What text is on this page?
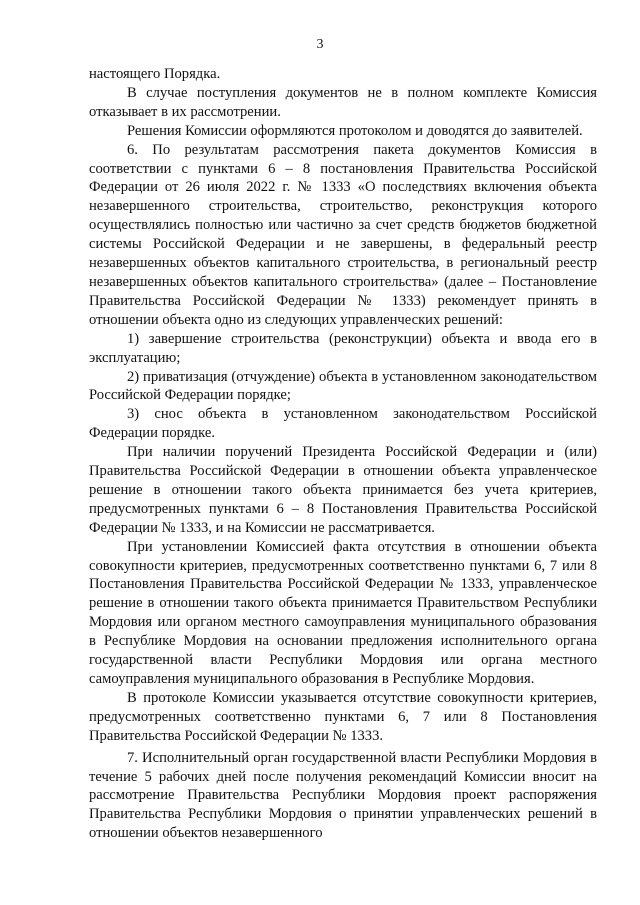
3

настоящего Порядка.

В случае поступления документов не в полном комплекте Комиссия отказывает в их рассмотрении.

Решения Комиссии оформляются протоколом и доводятся до заявителей.

6. По результатам рассмотрения пакета документов Комиссия в соответствии с пунктами 6 – 8 постановления Правительства Российской Федерации от 26 июля 2022 г. № 1333 «О последствиях включения объекта незавершенного строительства, строительство, реконструкция которого осуществлялись полностью или частично за счет средств бюджетов бюджетной системы Российской Федерации и не завершены, в федеральный реестр незавершенных объектов капитального строительства, в региональный реестр незавершенных объектов капитального строительства» (далее – Постановление Правительства Российской Федерации № 1333) рекомендует принять в отношении объекта одно из следующих управленческих решений:

1) завершение строительства (реконструкции) объекта и ввода его в эксплуатацию;

2) приватизация (отчуждение) объекта в установленном законодательством Российской Федерации порядке;

3) снос объекта в установленном законодательством Российской Федерации порядке.

При наличии поручений Президента Российской Федерации и (или) Правительства Российской Федерации в отношении объекта управленческое решение в отношении такого объекта принимается без учета критериев, предусмотренных пунктами 6 – 8 Постановления Правительства Российской Федерации № 1333, и на Комиссии не рассматривается.

При установлении Комиссией факта отсутствия в отношении объекта совокупности критериев, предусмотренных соответственно пунктами 6, 7 или 8 Постановления Правительства Российской Федерации № 1333, управленческое решение в отношении такого объекта принимается Правительством Республики Мордовия или органом местного самоуправления муниципального образования в Республике Мордовия на основании предложения исполнительного органа государственной власти Республики Мордовия или органа местного самоуправления муниципального образования в Республике Мордовия.

В протоколе Комиссии указывается отсутствие совокупности критериев, предусмотренных соответственно пунктами 6, 7 или 8 Постановления Правительства Российской Федерации № 1333.

7. Исполнительный орган государственной власти Республики Мордовия в течение 5 рабочих дней после получения рекомендаций Комиссии вносит на рассмотрение Правительства Республики Мордовия проект распоряжения Правительства Республики Мордовия о принятии управленческих решений в отношении объектов незавершенного
